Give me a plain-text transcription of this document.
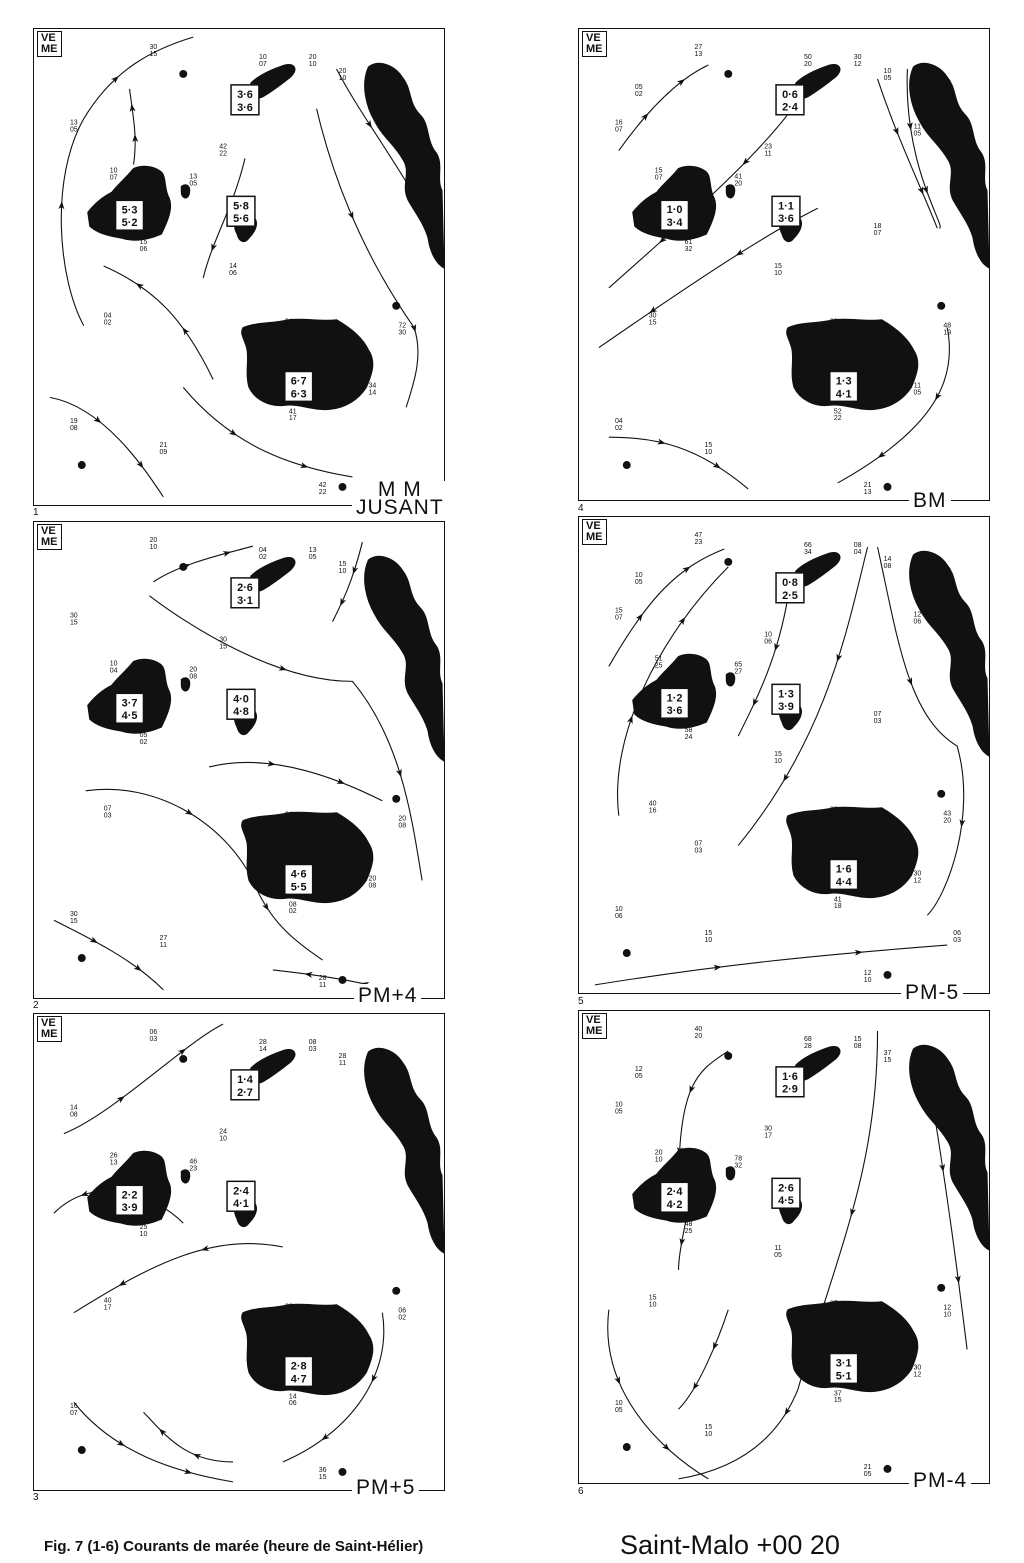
5·3
5·2
5·8
5·6
3·6
3·6
6·7
6·3
30
15
13
05
10
07	13
05
15
06
10
07
20
10
20
10
04
02	04
02
41
17
72
30
19
08
42
22
42
22
34
14
21
09
14
06
VE
ME
M M
JUSANT
1
1·0
3·4
1·1
3·6
0·6
2·4
1·3
4·1
27
13
16
07
15
07	41
20
61
32
50
20
30
12
10
05
30
15	08
02
52
22
48
19
04
02
21
13
23
11
11
05
15
10
15
10
05
02
11
05
18
07
VE
ME
BM
4
3·7
4·5
4·0
4·8
2·6
3·1
4·6
5·5
20
10
30
15
10
04	20
08
05
02
04
02
13
05
15
10
07
03	04
02
08
02
20
08
30
15
28
11
30
15
20
08
27
11
VE
ME
PM+4
2
1·2
3·6
1·3
3·9
0·8
2·5
1·6
4·4
47
23
15
07
51
25	65
27
58
24
66
34
08
04
14
08
40
16	20
15
41
18
43
20
10
06
12
10
10
06
30
12
15
10
15
10
10
05
12
06
07
03
07
03
06
03
VE
ME
PM-5
5
2·2
3·9
2·4
4·1
1·4
2·7
2·8
4·7
06
03
14
08
26
13	46
23
25
10
28
14
08
03
28
11
40
17	28
11
14
06
06
02
16
07
36
15
24
10
VE
ME
PM+5
3
2·4
4·2
2·6
4·5
1·6
2·9
3·1
5·1
40
20
10
05
20
10	78
32
48
25
68
28
15
08
37
15
15
10	27
12
37
15
12
10
10
05
21
05
30
17
30
12
15
10
11
05
12
05
VE
ME
PM-4
6
Fig. 7 (1-6) Courants de marée (heure de Saint-Hélier)	Saint-Malo +00 20
